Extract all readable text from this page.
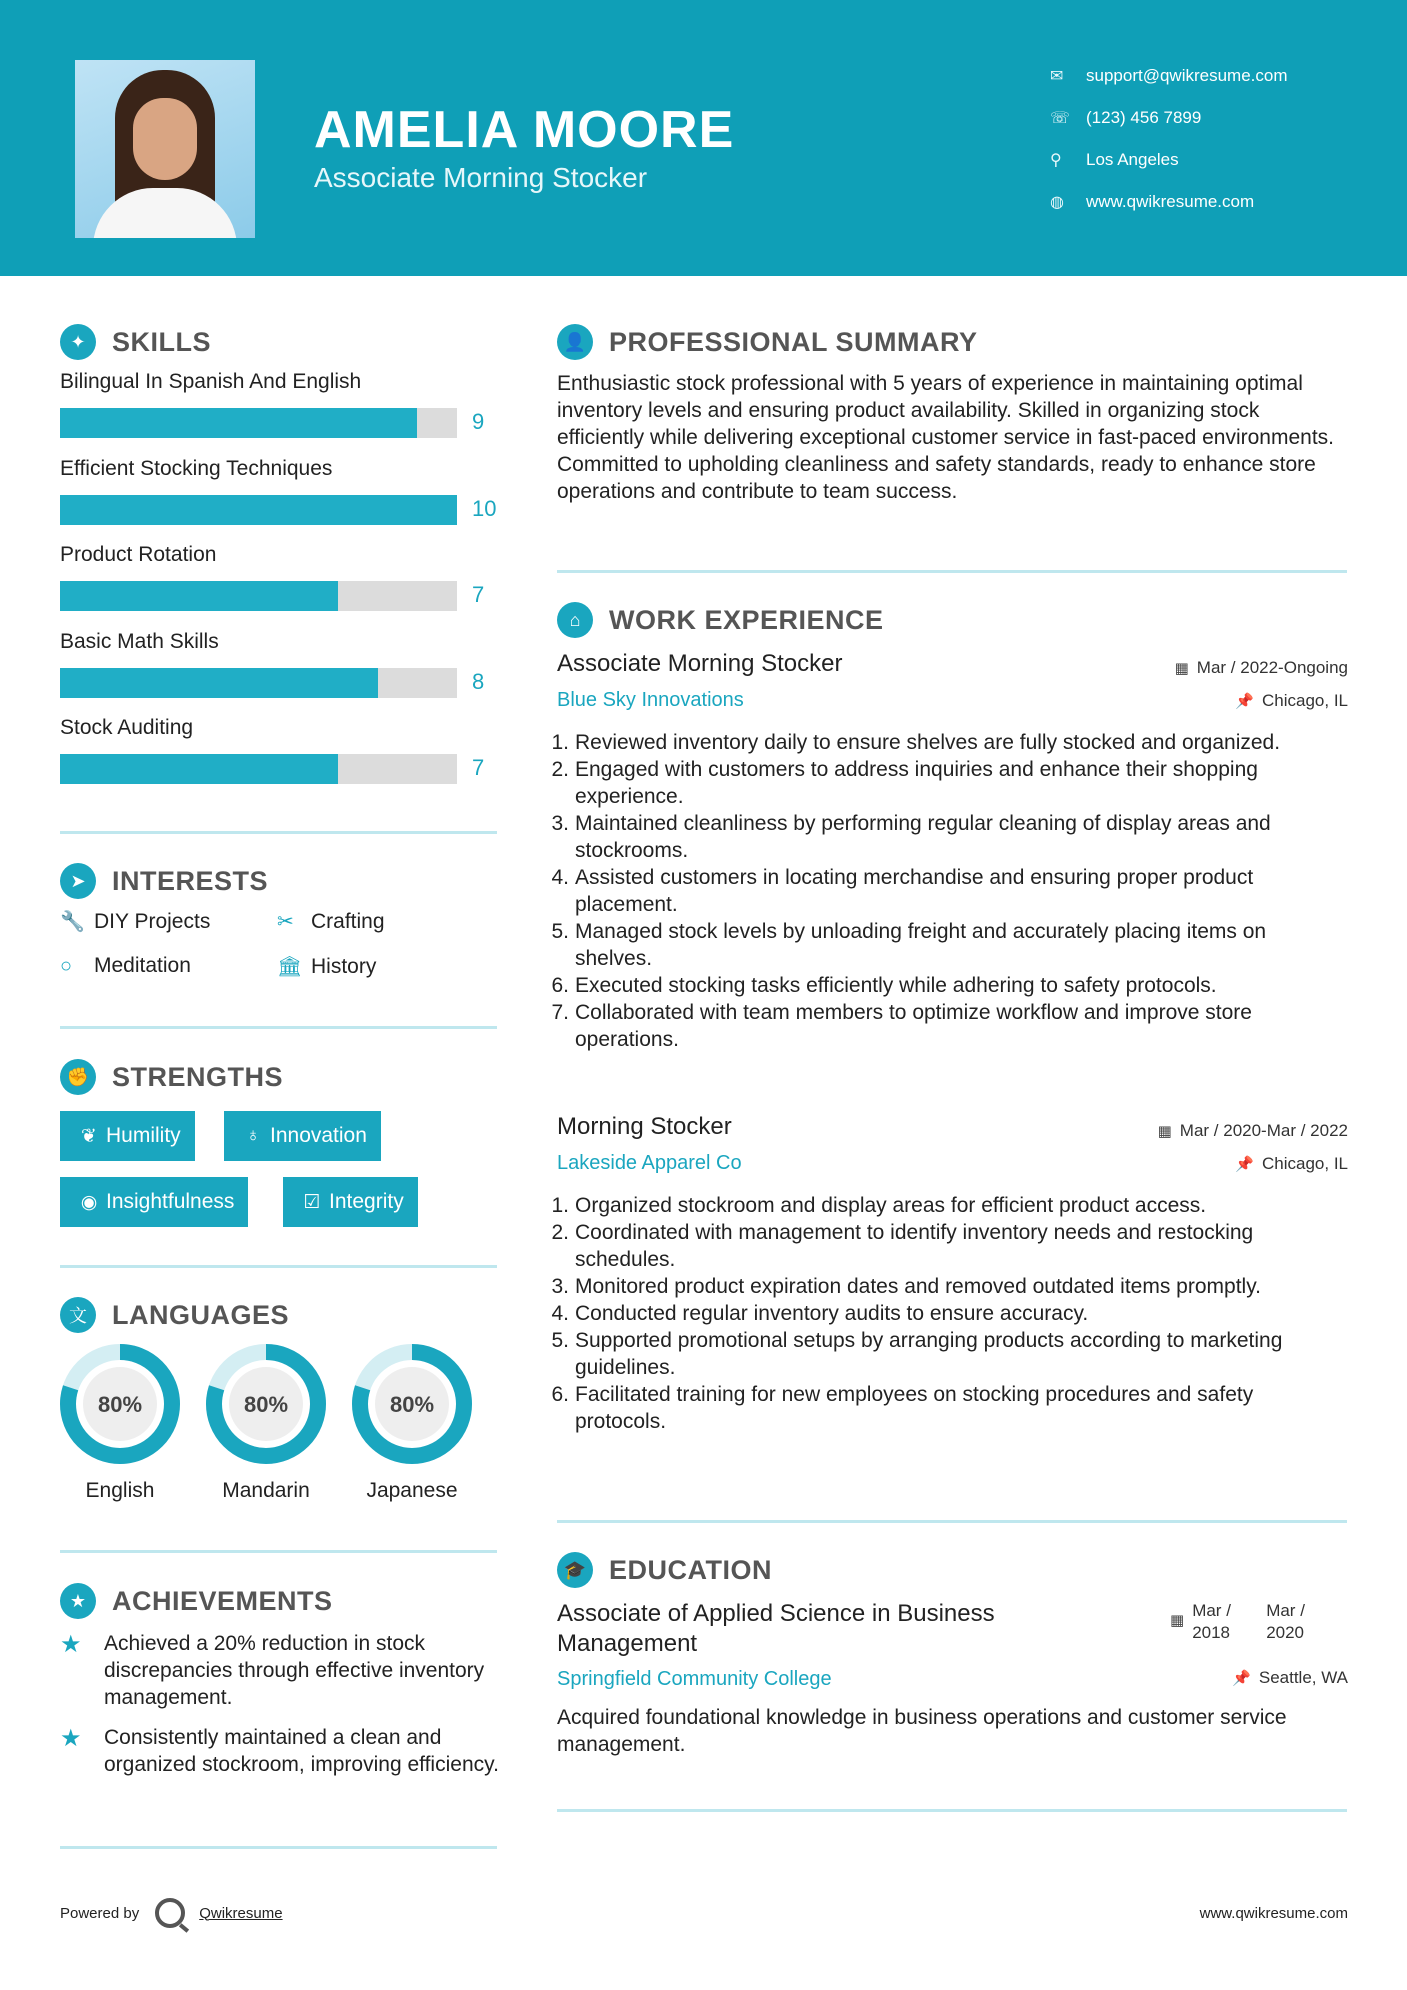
AMELIA MOORE
Associate Morning Stocker
✉	support@qwikresume.com
☏ (123) 456 7899
⚲	Los Angeles
◍	www.qwikresume.com
✦ SKILLS
Bilingual In Spanish And English
9
Efficient Stocking Techniques
10
Product Rotation
7
Basic Math Skills
8
Stock Auditing
7
➤ INTERESTS
🔧 DIY Projects	✂ Crafting
○	Meditation	🏛 History
✊ STRENGTHS
❦ Humility	♁ Innovation
◉ Insightfulness	☑ Integrity
文 LANGUAGES
80%
English
80%
Mandarin
80%
Japanese
★ ACHIEVEMENTS
★	Achieved a 20% reduction in stock discrepancies through effective inventory management.
★	Consistently maintained a clean and organized stockroom, improving efficiency.
👤 PROFESSIONAL SUMMARY
Enthusiastic stock professional with 5 years of experience in maintaining optimal inventory levels and ensuring product availability. Skilled in organizing stock efficiently while delivering exceptional customer service in fast-paced environments. Committed to upholding cleanliness and safety standards, ready to enhance store operations and contribute to team success.
⌂	WORK EXPERIENCE
Associate Morning Stocker	▦ Mar / 2022-Ongoing
Blue Sky Innovations	📌 Chicago, IL
1. Reviewed inventory daily to ensure shelves are fully stocked and organized.
2. Engaged with customers to address inquiries and enhance their shopping experience.
3. Maintained cleanliness by performing regular cleaning of display areas and stockrooms.
4. Assisted customers in locating merchandise and ensuring proper product placement.
5. Managed stock levels by unloading freight and accurately placing items on shelves.
6. Executed stocking tasks efficiently while adhering to safety protocols.
7. Collaborated with team members to optimize workflow and improve store operations.
Morning Stocker	▦ Mar / 2020-Mar / 2022
Lakeside Apparel Co	📌 Chicago, IL
1. Organized stockroom and display areas for efficient product access.
2. Coordinated with management to identify inventory needs and restocking schedules.
3. Monitored product expiration dates and removed outdated items promptly.
4. Conducted regular inventory audits to ensure accuracy.
5. Supported promotional setups by arranging products according to marketing guidelines.
6. Facilitated training for new employees on stocking procedures and safety protocols.
🎓 EDUCATION
Associate of Applied Science in Business Management
▦
Mar / 2018
Mar / 2020
Springfield Community College	📌 Seattle, WA
Acquired foundational knowledge in business operations and customer service management.
Powered by	Qwikresume	www.qwikresume.com
